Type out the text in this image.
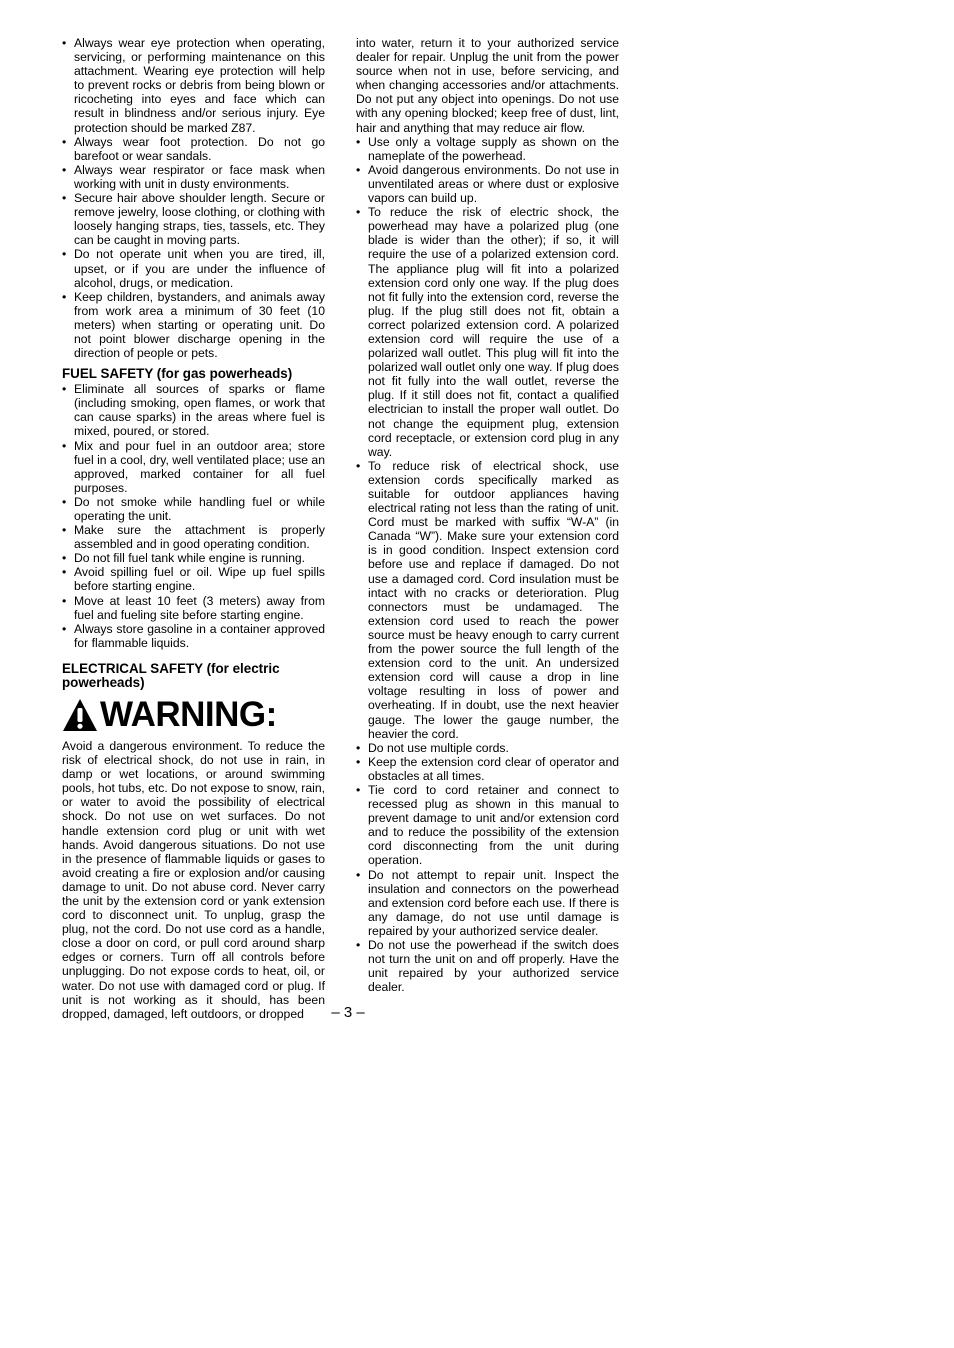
• Always wear eye protection when operating, servicing, or performing maintenance on this attachment. Wearing eye protection will help to prevent rocks or debris from being blown or ricocheting into eyes and face which can result in blindness and/or serious injury. Eye protection should be marked Z87.
• Always wear foot protection. Do not go barefoot or wear sandals.
• Always wear respirator or face mask when working with unit in dusty environments.
• Secure hair above shoulder length. Secure or remove jewelry, loose clothing, or clothing with loosely hanging straps, ties, tassels, etc. They can be caught in moving parts.
• Do not operate unit when you are tired, ill, upset, or if you are under the influence of alcohol, drugs, or medication.
• Keep children, bystanders, and animals away from work area a minimum of 30 feet (10 meters) when starting or operating unit. Do not point blower discharge opening in the direction of people or pets.
FUEL SAFETY (for gas powerheads)
• Eliminate all sources of sparks or flame (including smoking, open flames, or work that can cause sparks) in the areas where fuel is mixed, poured, or stored.
• Mix and pour fuel in an outdoor area; store fuel in a cool, dry, well ventilated place; use an approved, marked container for all fuel purposes.
• Do not smoke while handling fuel or while operating the unit.
• Make sure the attachment is properly assembled and in good operating condition.
• Do not fill fuel tank while engine is running.
• Avoid spilling fuel or oil. Wipe up fuel spills before starting engine.
• Move at least 10 feet (3 meters) away from fuel and fueling site before starting engine.
• Always store gasoline in a container approved for flammable liquids.
ELECTRICAL SAFETY (for electric powerheads)
WARNING:

Avoid a dangerous environment. To reduce the risk of electrical shock, do not use in rain, in damp or wet locations, or around swimming pools, hot tubs, etc. Do not expose to snow, rain, or water to avoid the possibility of electrical shock. Do not use on wet surfaces. Do not handle extension cord plug or unit with wet hands. Avoid dangerous situations. Do not use in the presence of flammable liquids or gases to avoid creating a fire or explosion and/or causing damage to unit. Do not abuse cord. Never carry the unit by the extension cord or yank extension cord to disconnect unit. To unplug, grasp the plug, not the cord. Do not use cord as a handle, close a door on cord, or pull cord around sharp edges or corners. Turn off all controls before unplugging. Do not expose cords to heat, oil, or water. Do not use with damaged cord or plug. If unit is not working as it should, has been dropped, damaged, left outdoors, or dropped

into water, return it to your authorized service dealer for repair. Unplug the unit from the power source when not in use, before servicing, and when changing accessories and/or attachments. Do not put any object into openings. Do not use with any opening blocked; keep free of dust, lint, hair and anything that may reduce air flow.

• Use only a voltage supply as shown on the nameplate of the powerhead.
• Avoid dangerous environments. Do not use in unventilated areas or where dust or explosive vapors can build up.
• To reduce the risk of electric shock, the powerhead may have a polarized plug (one blade is wider than the other); if so, it will require the use of a polarized extension cord. The appliance plug will fit into a polarized extension cord only one way. If the plug does not fit fully into the extension cord, reverse the plug. If the plug still does not fit, obtain a correct polarized extension cord. A polarized extension cord will require the use of a polarized wall outlet. This plug will fit into the polarized wall outlet only one way. If plug does not fit fully into the wall outlet, reverse the plug. If it still does not fit, contact a qualified electrician to install the proper wall outlet. Do not change the equipment plug, extension cord receptacle, or extension cord plug in any way.
• To reduce risk of electrical shock, use extension cords specifically marked as suitable for outdoor appliances having electrical rating not less than the rating of unit. Cord must be marked with suffix “W-A” (in Canada “W”). Make sure your extension cord is in good condition. Inspect extension cord before use and replace if damaged. Do not use a damaged cord. Cord insulation must be intact with no cracks or deterioration. Plug connectors must be undamaged. The extension cord used to reach the power source must be heavy enough to carry current from the power source the full length of the extension cord to the unit. An undersized extension cord will cause a drop in line voltage resulting in loss of power and overheating. If in doubt, use the next heavier gauge. The lower the gauge number, the heavier the cord.
• Do not use multiple cords.
• Keep the extension cord clear of operator and obstacles at all times.
• Tie cord to cord retainer and connect to recessed plug as shown in this manual to prevent damage to unit and/or extension cord and to reduce the possibility of the extension cord disconnecting from the unit during operation.
• Do not attempt to repair unit. Inspect the insulation and connectors on the powerhead and extension cord before each use. If there is any damage, do not use until damage is repaired by your authorized service dealer.
• Do not use the powerhead if the switch does not turn the unit on and off properly. Have the unit repaired by your authorized service dealer.
– 3 –
